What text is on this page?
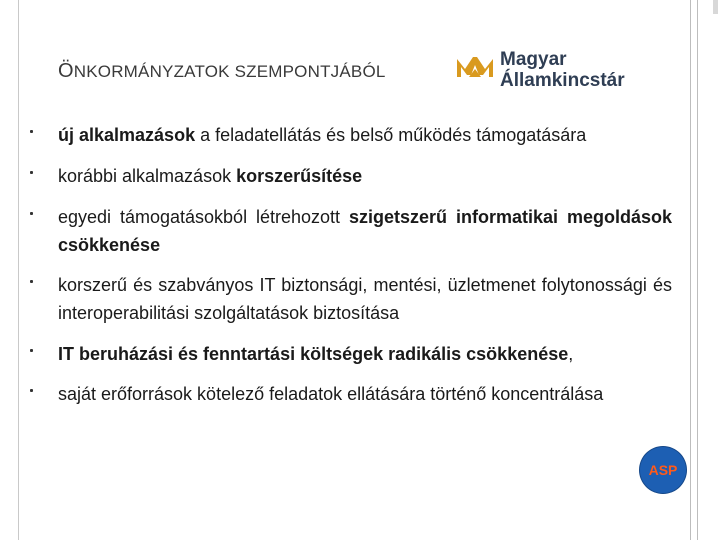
ÖNKORMÁNYZATOK SZEMPONTJÁBÓL
Magyar
Államkincstár
új alkalmazások a feladatellátás és belső működés támogatására
korábbi alkalmazások korszerűsítése
egyedi támogatásokból létrehozott szigetszerű informatikai megoldások csökkenése
korszerű és szabványos IT biztonsági, mentési, üzletmenet folytonossági és interoperabilitási szolgáltatások biztosítása
IT beruházási és fenntartási költségek radikális csökkenése,
saját erőforrások kötelező feladatok ellátására történő koncentrálása
ASP
